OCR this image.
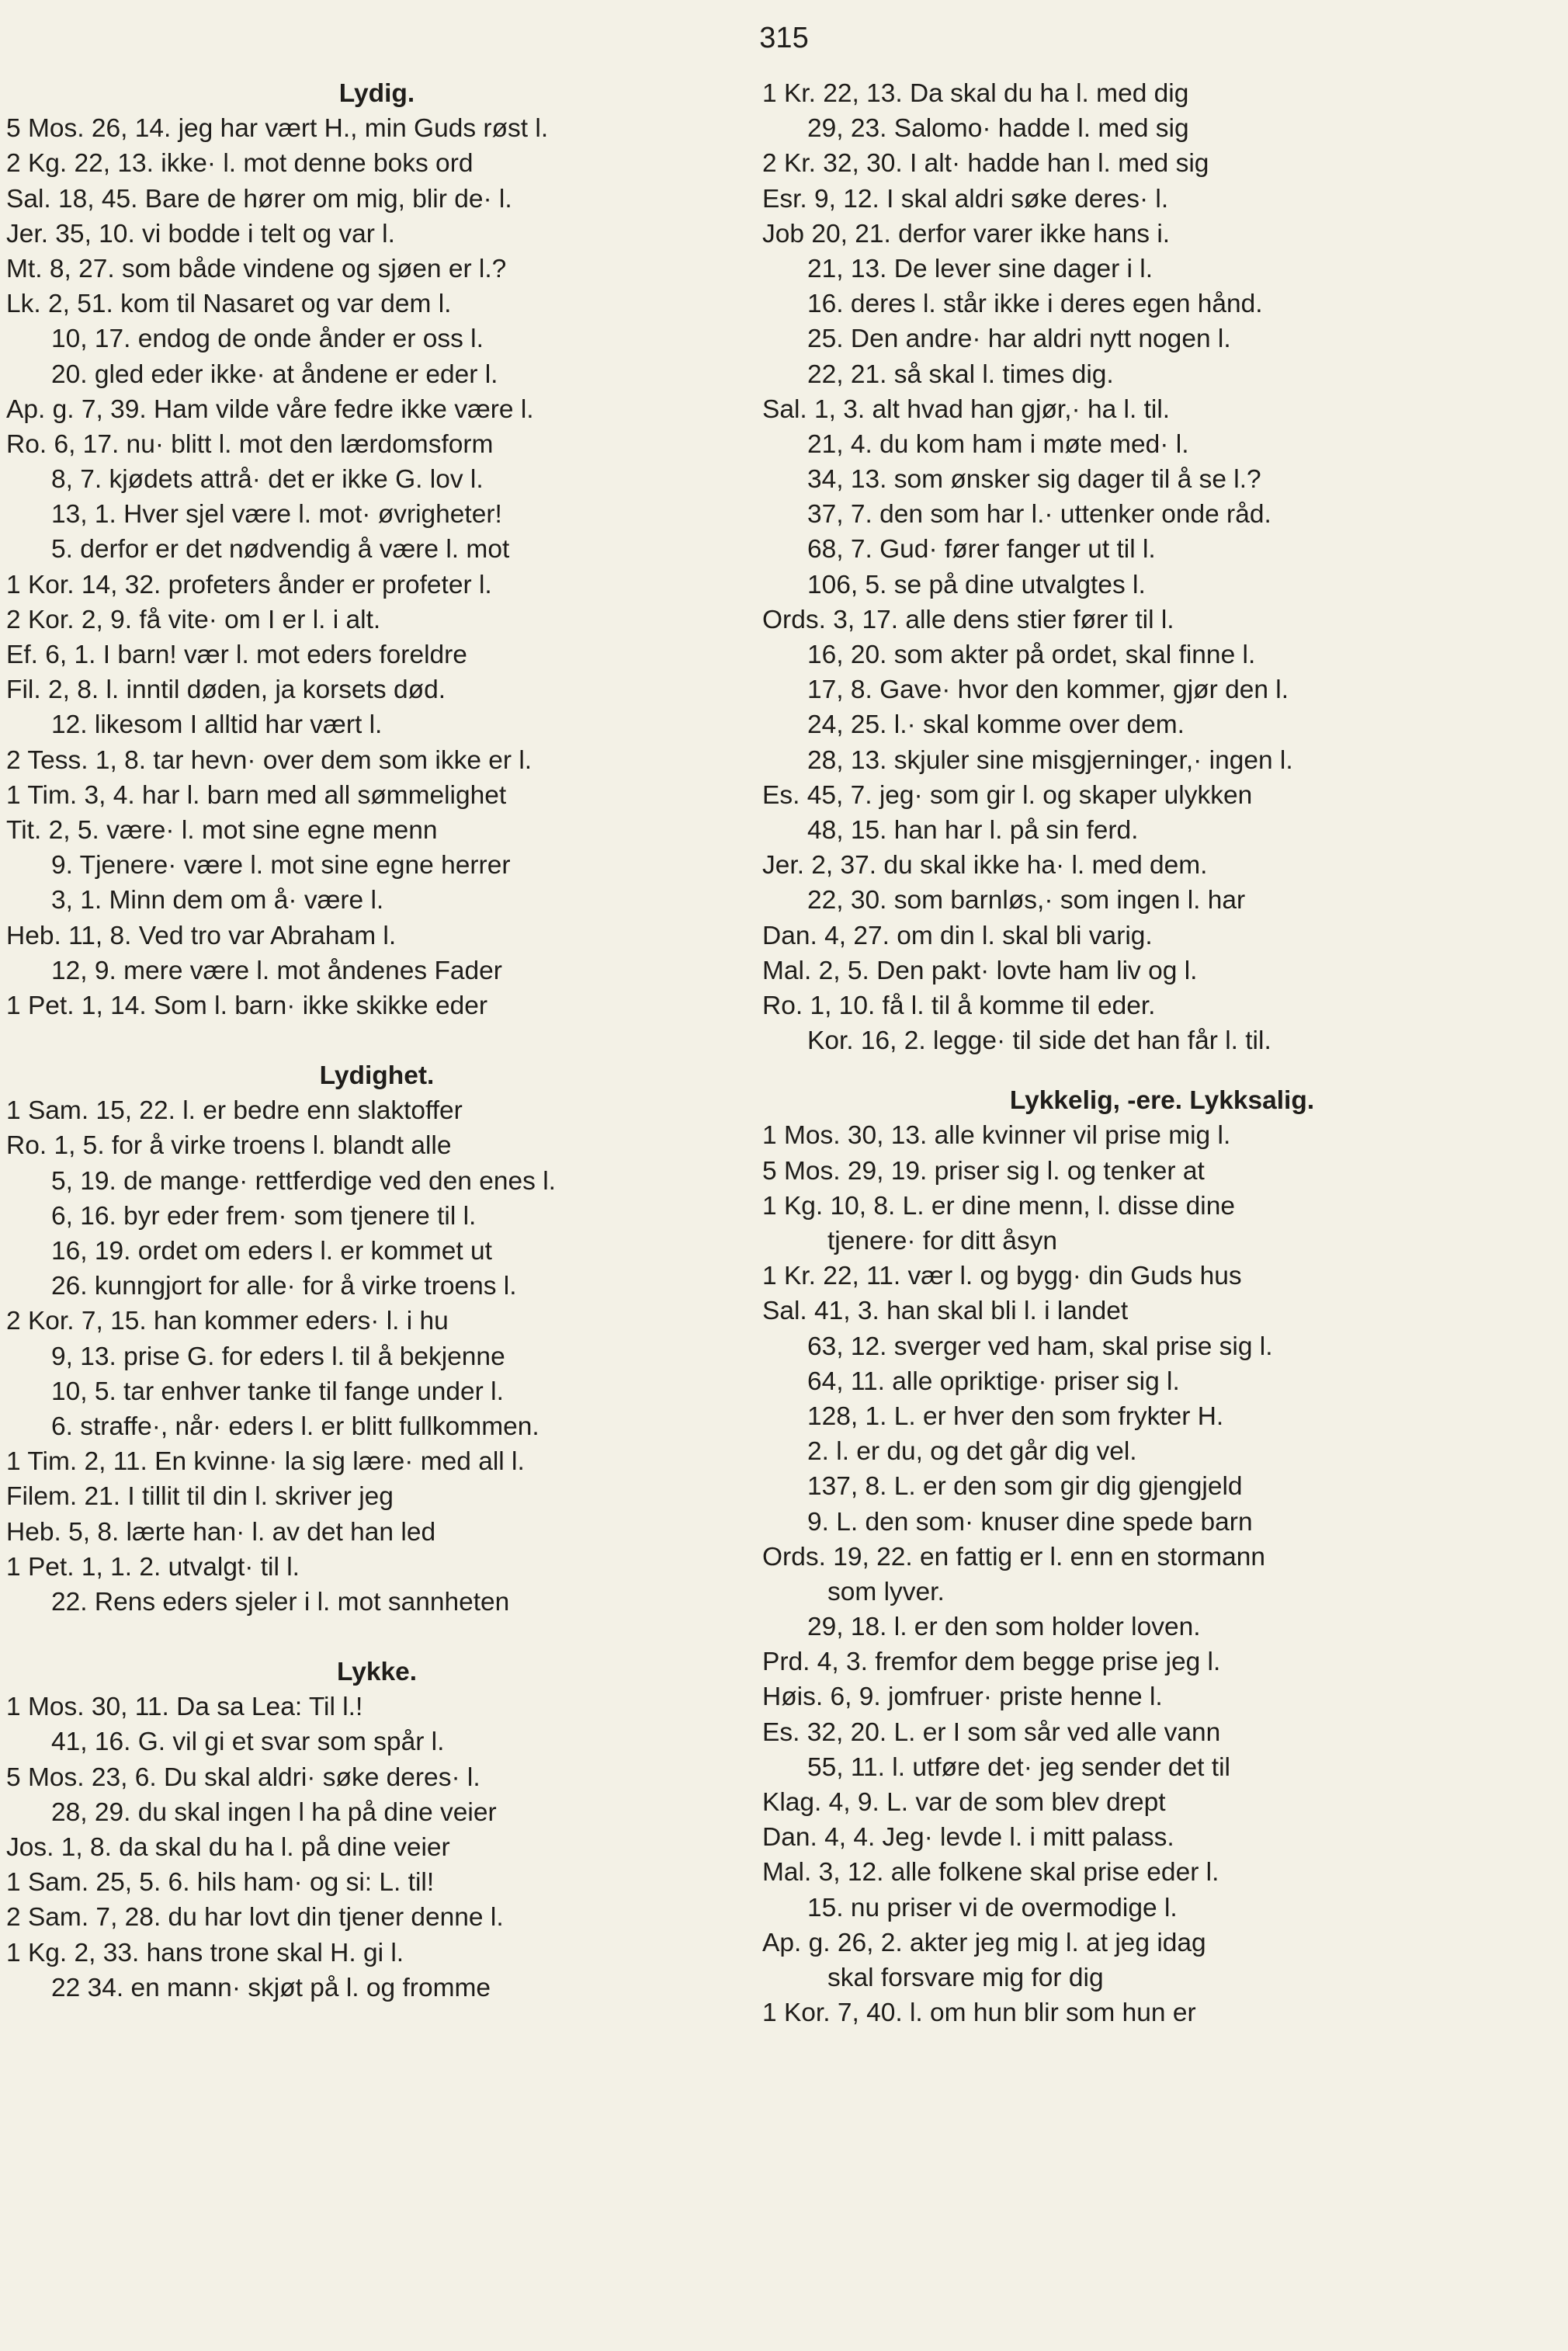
315
Lydig.
5 Mos. 26, 14. jeg har vært H., min Guds røst l.
2 Kg. 22, 13. ikke· l. mot denne boks ord
Sal. 18, 45. Bare de hører om mig, blir de· l.
Jer. 35, 10. vi bodde i telt og var l.
Mt. 8, 27. som både vindene og sjøen er l.?
Lk. 2, 51. kom til Nasaret og var dem l.
10, 17. endog de onde ånder er oss l.
20. gled eder ikke· at åndene er eder l.
Ap. g. 7, 39. Ham vilde våre fedre ikke være l.
Ro. 6, 17. nu· blitt l. mot den lærdomsform
8, 7. kjødets attrå· det er ikke G. lov l.
13, 1. Hver sjel være l. mot· øvrigheter!
5. derfor er det nødvendig å være l. mot
1 Kor. 14, 32. profeters ånder er profeter l.
2 Kor. 2, 9. få vite· om I er l. i alt.
Ef. 6, 1. I barn! vær l. mot eders foreldre
Fil. 2, 8. l. inntil døden, ja korsets død.
12. likesom I alltid har vært l.
2 Tess. 1, 8. tar hevn· over dem som ikke er l.
1 Tim. 3, 4. har l. barn med all sømmelighet
Tit. 2, 5. være· l. mot sine egne menn
9. Tjenere· være l. mot sine egne herrer
3, 1. Minn dem om å· være l.
Heb. 11, 8. Ved tro var Abraham l.
12, 9. mere være l. mot åndenes Fader
1 Pet. 1, 14. Som l. barn· ikke skikke eder
Lydighet.
1 Sam. 15, 22. l. er bedre enn slaktoffer
Ro. 1, 5. for å virke troens l. blandt alle
5, 19. de mange· rettferdige ved den enes l.
6, 16. byr eder frem· som tjenere til l.
16, 19. ordet om eders l. er kommet ut
26. kunngjort for alle· for å virke troens l.
2 Kor. 7, 15. han kommer eders· l. i hu
9, 13. prise G. for eders l. til å bekjenne
10, 5. tar enhver tanke til fange under l.
6. straffe·, når· eders l. er blitt fullkommen.
1 Tim. 2, 11. En kvinne· la sig lære· med all l.
Filem. 21. I tillit til din l. skriver jeg
Heb. 5, 8. lærte han· l. av det han led
1 Pet. 1, 1. 2. utvalgt· til l.
22. Rens eders sjeler i l. mot sannheten
Lykke.
1 Mos. 30, 11. Da sa Lea: Til l.!
41, 16. G. vil gi et svar som spår l.
5 Mos. 23, 6. Du skal aldri· søke deres· l.
28, 29. du skal ingen l ha på dine veier
Jos. 1, 8. da skal du ha l. på dine veier
1 Sam. 25, 5. 6. hils ham· og si: L. til!
2 Sam. 7, 28. du har lovt din tjener denne l.
1 Kg. 2, 33. hans trone skal H. gi l.
22 34. en mann· skjøt på l. og fromme
1 Kr. 22, 13. Da skal du ha l. med dig
29, 23. Salomo· hadde l. med sig
2 Kr. 32, 30. I alt· hadde han l. med sig
Esr. 9, 12. I skal aldri søke deres· l.
Job 20, 21. derfor varer ikke hans i.
21, 13. De lever sine dager i l.
16. deres l. står ikke i deres egen hånd.
25. Den andre· har aldri nytt nogen l.
22, 21. så skal l. times dig.
Sal. 1, 3. alt hvad han gjør,· ha l. til.
21, 4. du kom ham i møte med· l.
34, 13. som ønsker sig dager til å se l.?
37, 7. den som har l.· uttenker onde råd.
68, 7. Gud· fører fanger ut til l.
106, 5. se på dine utvalgtes l.
Ords. 3, 17. alle dens stier fører til l.
16, 20. som akter på ordet, skal finne l.
17, 8. Gave· hvor den kommer, gjør den l.
24, 25. l.· skal komme over dem.
28, 13. skjuler sine misgjerninger,· ingen l.
Es. 45, 7. jeg· som gir l. og skaper ulykken
48, 15. han har l. på sin ferd.
Jer. 2, 37. du skal ikke ha· l. med dem.
22, 30. som barnløs,· som ingen l. har
Dan. 4, 27. om din l. skal bli varig.
Mal. 2, 5. Den pakt· lovte ham liv og l.
Ro. 1, 10. få l. til å komme til eder.
Kor. 16, 2. legge· til side det han får l. til.
Lykkelig, -ere. Lykksalig.
1 Mos. 30, 13. alle kvinner vil prise mig l.
5 Mos. 29, 19. priser sig l. og tenker at
1 Kg. 10, 8. L. er dine menn, l. disse dine
tjenere· for ditt åsyn
1 Kr. 22, 11. vær l. og bygg· din Guds hus
Sal. 41, 3. han skal bli l. i landet
63, 12. sverger ved ham, skal prise sig l.
64, 11. alle opriktige· priser sig l.
128, 1. L. er hver den som frykter H.
2. l. er du, og det går dig vel.
137, 8. L. er den som gir dig gjengjeld
9. L. den som· knuser dine spede barn
Ords. 19, 22. en fattig er l. enn en stormann
som lyver.
29, 18. l. er den som holder loven.
Prd. 4, 3. fremfor dem begge prise jeg l.
Høis. 6, 9. jomfruer· priste henne l.
Es. 32, 20. L. er I som sår ved alle vann
55, 11. l. utføre det· jeg sender det til
Klag. 4, 9. L. var de som blev drept
Dan. 4, 4. Jeg· levde l. i mitt palass.
Mal. 3, 12. alle folkene skal prise eder l.
15. nu priser vi de overmodige l.
Ap. g. 26, 2. akter jeg mig l. at jeg idag
skal forsvare mig for dig
1 Kor. 7, 40. l. om hun blir som hun er
